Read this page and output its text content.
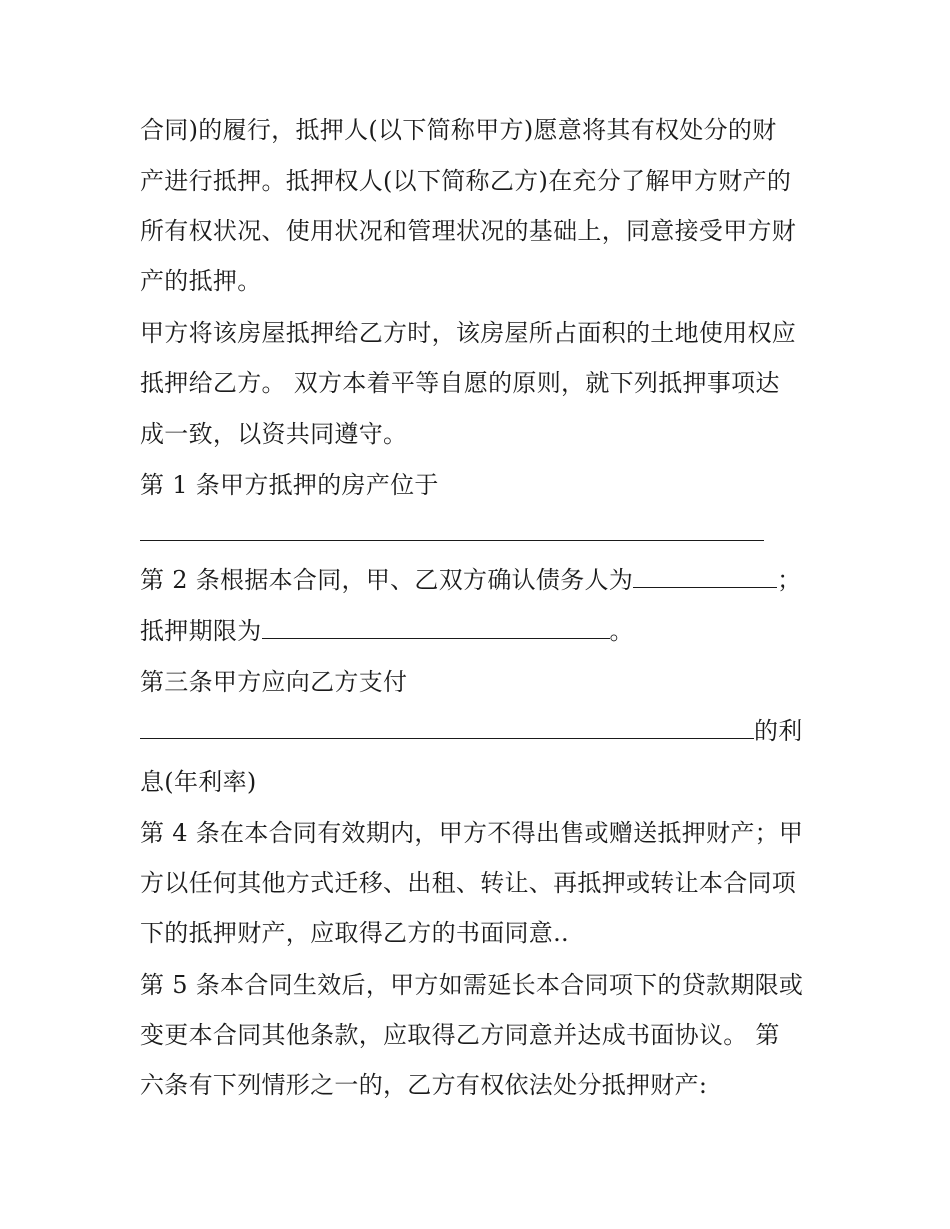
合同)的履行，抵押人(以下简称甲方)愿意将其有权处分的财
产进行抵押。抵押权人(以下简称乙方)在充分了解甲方财产的
所有权状况、使用状况和管理状况的基础上，同意接受甲方财
产的抵押。
甲方将该房屋抵押给乙方时，该房屋所占面积的土地使用权应
抵押给乙方。 双方本着平等自愿的原则，就下列抵押事项达
成一致，以资共同遵守。
第 1 条甲方抵押的房产位于
第 2 条根据本合同，甲、乙双方确认债务人为	；
抵押期限为	。
第三条甲方应向乙方支付
的利
息(年利率)
第 4 条在本合同有效期内，甲方不得出售或赠送抵押财产；甲
方以任何其他方式迁移、出租、转让、再抵押或转让本合同项
下的抵押财产，应取得乙方的书面同意..
第 5 条本合同生效后，甲方如需延长本合同项下的贷款期限或
变更本合同其他条款，应取得乙方同意并达成书面协议。 第
六条有下列情形之一的，乙方有权依法处分抵押财产:
